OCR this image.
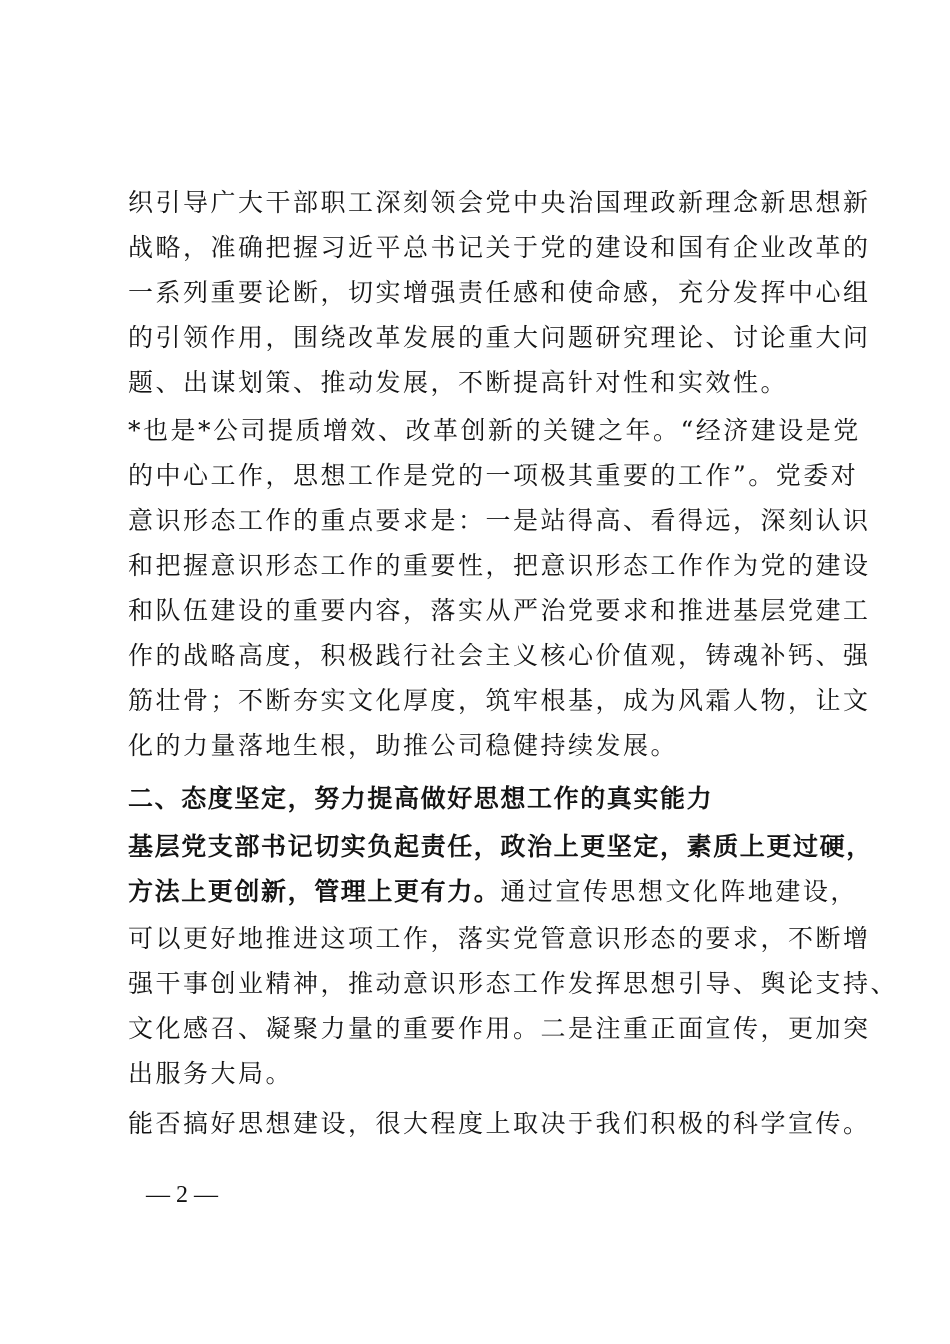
织引导广大干部职工深刻领会党中央治国理政新理念新思想新
战略，准确把握习近平总书记关于党的建设和国有企业改革的
一系列重要论断，切实增强责任感和使命感，充分发挥中心组
的引领作用，围绕改革发展的重大问题研究理论、讨论重大问
题、出谋划策、推动发展，不断提高针对性和实效性。
*也是*公司提质增效、改革创新的关键之年。“经济建设是党
的中心工作，思想工作是党的一项极其重要的工作”。党委对
意识形态工作的重点要求是：一是站得高、看得远，深刻认识
和把握意识形态工作的重要性，把意识形态工作作为党的建设
和队伍建设的重要内容，落实从严治党要求和推进基层党建工
作的战略高度，积极践行社会主义核心价值观，铸魂补钙、强
筋壮骨；不断夯实文化厚度，筑牢根基，成为风霜人物，让文
化的力量落地生根，助推公司稳健持续发展。
二、态度坚定，努力提高做好思想工作的真实能力
基层党支部书记切实负起责任，政治上更坚定，素质上更过硬，
方法上更创新，管理上更有力。通过宣传思想文化阵地建设，
可以更好地推进这项工作，落实党管意识形态的要求，不断增
强干事创业精神，推动意识形态工作发挥思想引导、舆论支持、
文化感召、凝聚力量的重要作用。二是注重正面宣传，更加突
出服务大局。
能否搞好思想建设，很大程度上取决于我们积极的科学宣传。
— 2 —
